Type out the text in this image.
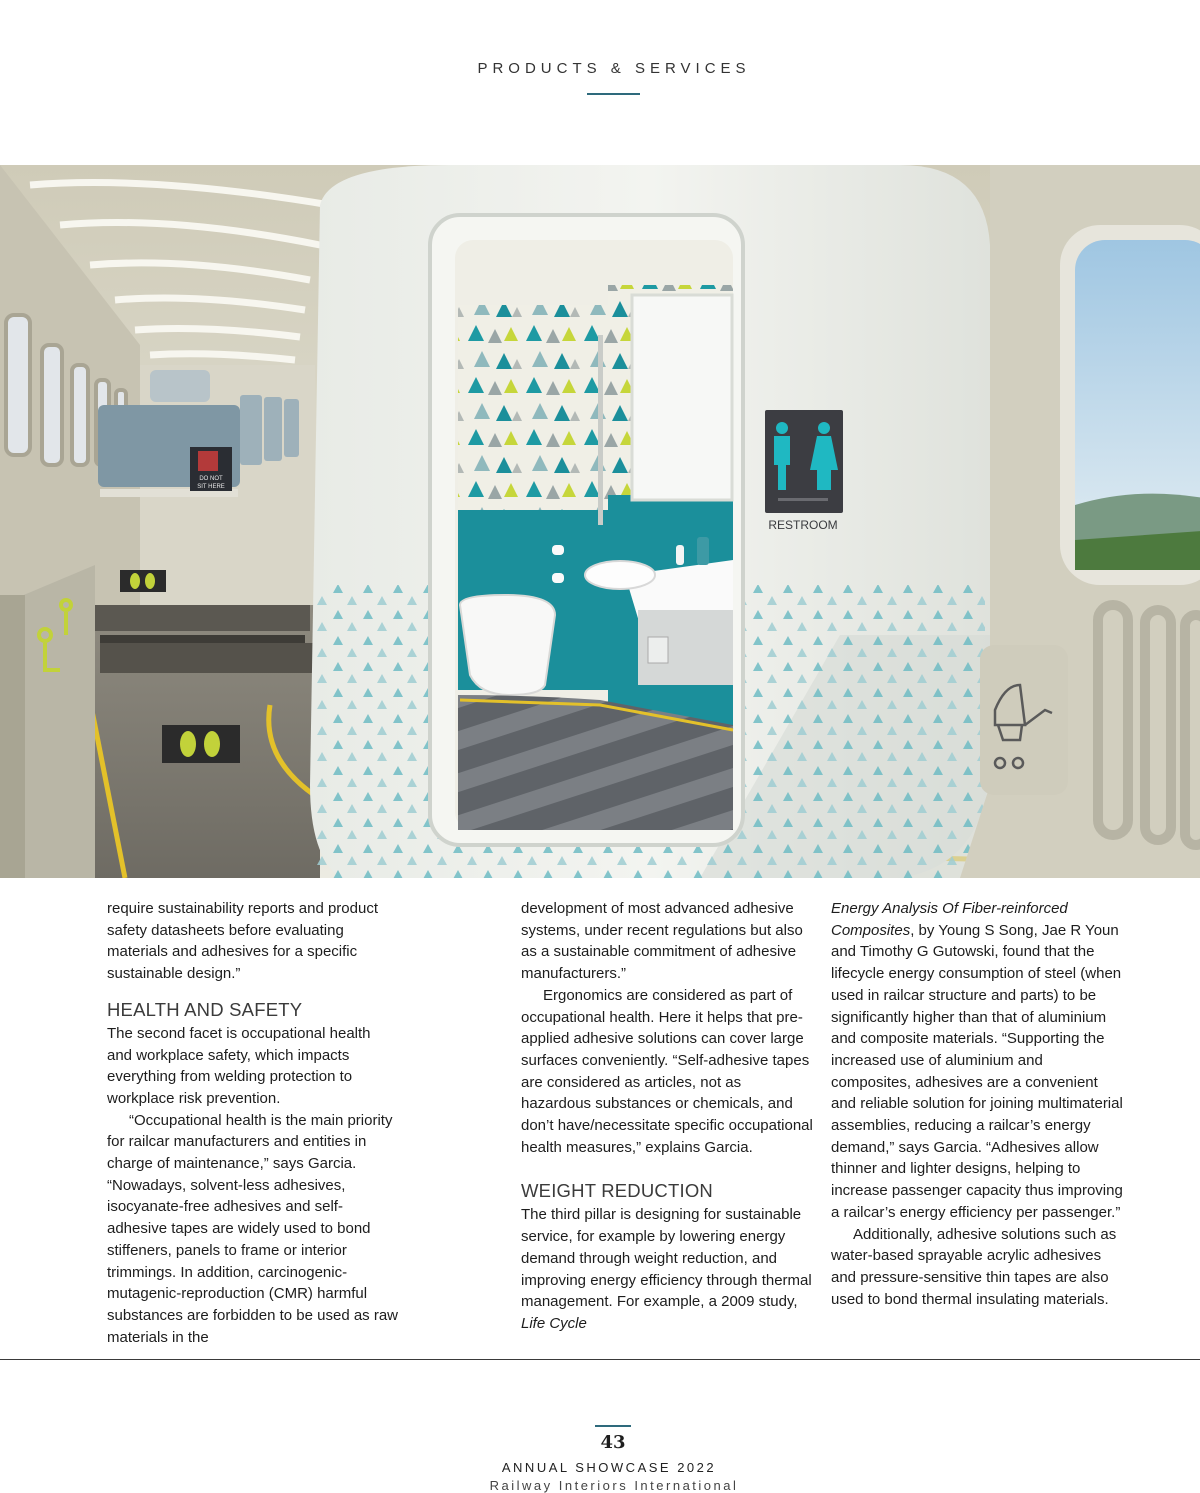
PRODUCTS & SERVICES
DO NOT
SIT HERE
RESTROOM

require sustainability reports and product safety datasheets before evaluating materials and adhesives for a specific sustainable design.”

HEALTH AND SAFETY

The second facet is occupational health and workplace safety, which impacts everything from welding protection to workplace risk prevention.

“Occupational health is the main priority for railcar manufacturers and entities in charge of maintenance,” says Garcia. “Nowadays, solvent-less adhesives, isocyanate-free adhesives and self-adhesive tapes are widely used to bond stiffeners, panels to frame or interior trimmings. In addition, carcinogenic-mutagenic-reproduction (CMR) harmful substances are forbidden to be used as raw materials in the

development of most advanced adhesive systems, under recent regulations but also as a sustainable commitment of adhesive manufacturers.”

Ergonomics are considered as part of occupational health. Here it helps that pre-applied adhesive solutions can cover large surfaces conveniently. “Self-adhesive tapes are considered as articles, not as hazardous substances or chemicals, and don’t have/necessitate specific occupational health measures,” explains Garcia.

WEIGHT REDUCTION

The third pillar is designing for sustainable service, for example by lowering energy demand through weight reduction, and improving energy efficiency through thermal management. For example, a 2009 study, Life Cycle

Energy Analysis Of Fiber-reinforced Composites, by Young S Song, Jae R Youn and Timothy G Gutowski, found that the lifecycle energy consumption of steel (when used in railcar structure and parts) to be significantly higher than that of aluminium and composite materials. “Supporting the increased use of aluminium and composites, adhesives are a convenient and reliable solution for joining multimaterial assemblies, reducing a railcar’s energy demand,” says Garcia. “Adhesives allow thinner and lighter designs, helping to increase passenger capacity thus improving a railcar’s energy efficiency per passenger.”

Additionally, adhesive solutions such as water-based sprayable acrylic adhesives and pressure-sensitive thin tapes are also used to bond thermal insulating materials.

43
ANNUAL SHOWCASE 2022
Railway Interiors International
